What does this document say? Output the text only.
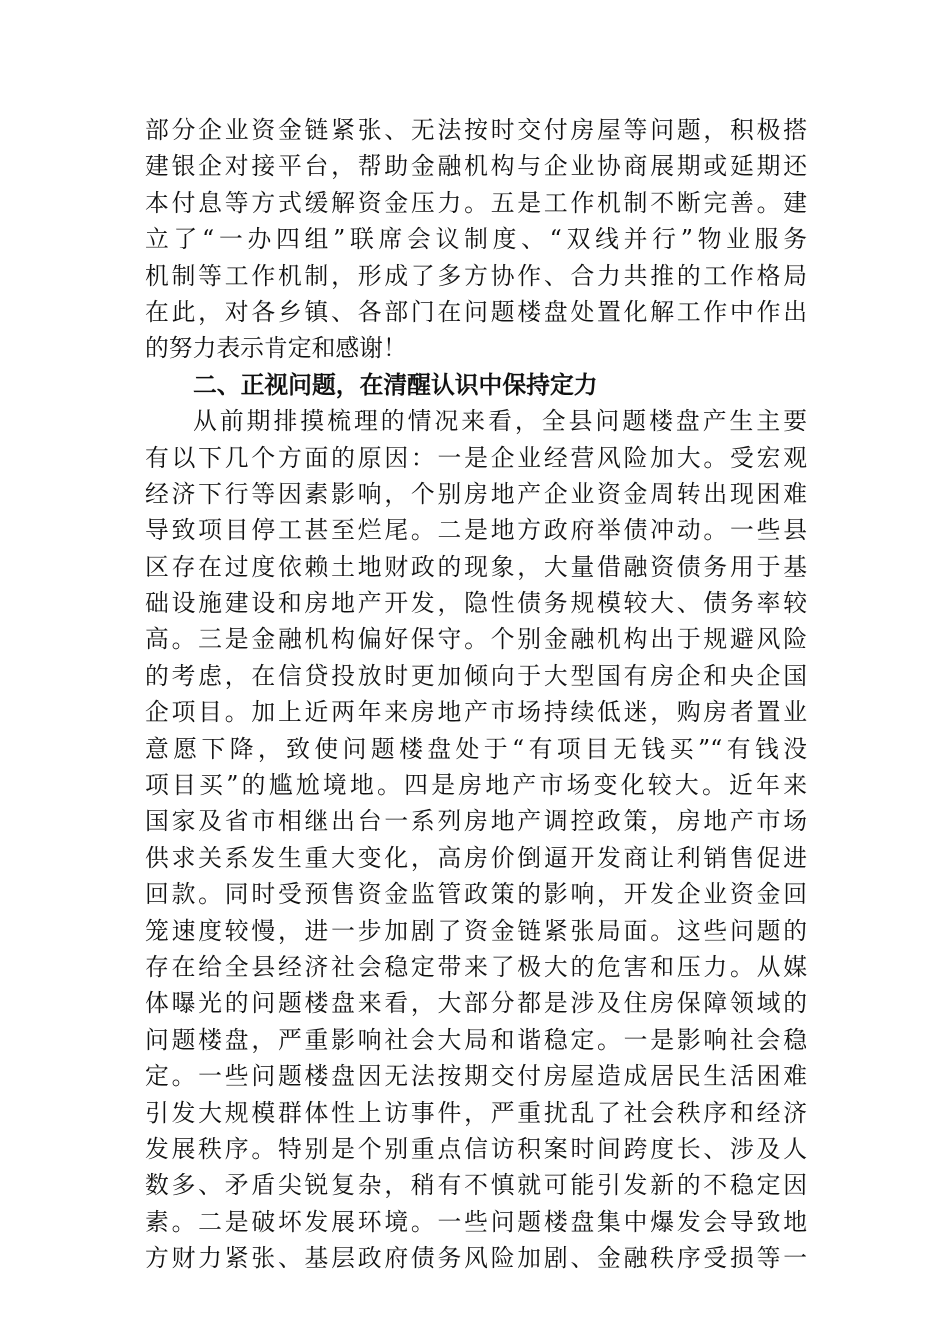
部分企业资金链紧张、无法按时交付房屋等问题，积极搭
建银企对接平台，帮助金融机构与企业协商展期或延期还
本付息等方式缓解资金压力。五是工作机制不断完善。建
立了“一办四组”联席会议制度、“双线并行”物业服务
机制等工作机制，形成了多方协作、合力共推的工作格局
在此，对各乡镇、各部门在问题楼盘处置化解工作中作出
的努力表示肯定和感谢！
二、正视问题，在清醒认识中保持定力
从前期排摸梳理的情况来看，全县问题楼盘产生主要
有以下几个方面的原因：一是企业经营风险加大。受宏观
经济下行等因素影响，个别房地产企业资金周转出现困难
导致项目停工甚至烂尾。二是地方政府举债冲动。一些县
区存在过度依赖土地财政的现象，大量借融资债务用于基
础设施建设和房地产开发，隐性债务规模较大、债务率较
高。三是金融机构偏好保守。个别金融机构出于规避风险
的考虑，在信贷投放时更加倾向于大型国有房企和央企国
企项目。加上近两年来房地产市场持续低迷，购房者置业
意愿下降，致使问题楼盘处于“有项目无钱买”“有钱没
项目买”的尴尬境地。四是房地产市场变化较大。近年来
国家及省市相继出台一系列房地产调控政策，房地产市场
供求关系发生重大变化，高房价倒逼开发商让利销售促进
回款。同时受预售资金监管政策的影响，开发企业资金回
笼速度较慢，进一步加剧了资金链紧张局面。这些问题的
存在给全县经济社会稳定带来了极大的危害和压力。从媒
体曝光的问题楼盘来看，大部分都是涉及住房保障领域的
问题楼盘，严重影响社会大局和谐稳定。一是影响社会稳
定。一些问题楼盘因无法按期交付房屋造成居民生活困难
引发大规模群体性上访事件，严重扰乱了社会秩序和经济
发展秩序。特别是个别重点信访积案时间跨度长、涉及人
数多、矛盾尖锐复杂，稍有不慎就可能引发新的不稳定因
素。二是破坏发展环境。一些问题楼盘集中爆发会导致地
方财力紧张、基层政府债务风险加剧、金融秩序受损等一
